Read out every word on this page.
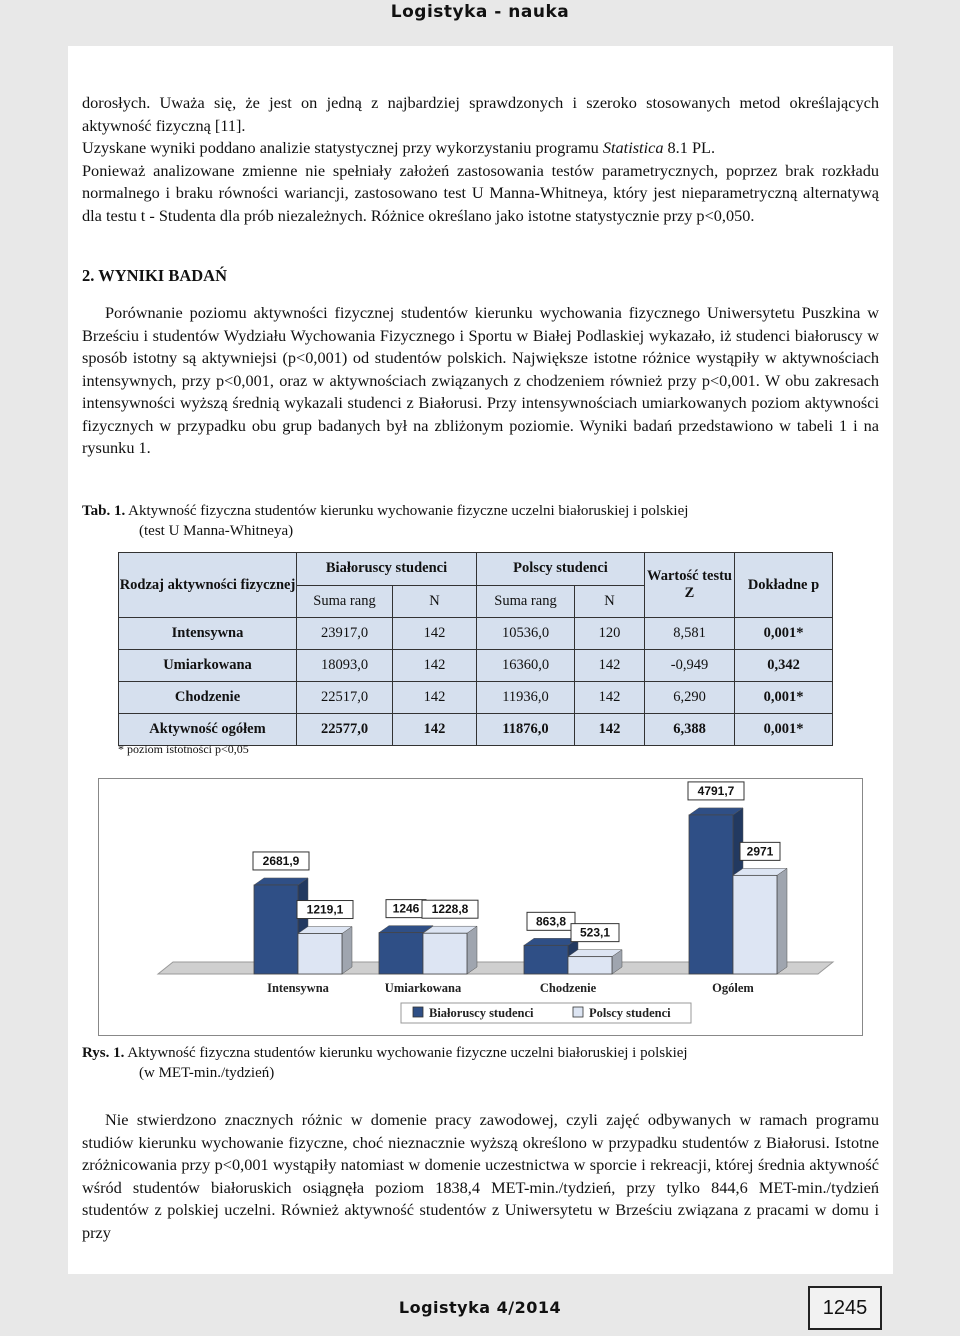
Logistyka - nauka

dorosłych. Uważa się, że jest on jedną z najbardziej sprawdzonych i szeroko stosowanych metod określających aktywność fizyczną [11].

Uzyskane wyniki poddano analizie statystycznej przy wykorzystaniu programu Statistica 8.1 PL.

Ponieważ analizowane zmienne nie spełniały założeń zastosowania testów parametrycznych, poprzez brak rozkładu normalnego i braku równości wariancji, zastosowano test U Manna-Whitneya, który jest nieparametryczną alternatywą dla testu t - Studenta dla prób niezależnych. Różnice określano jako istotne statystycznie przy p<0,050.

2. WYNIKI BADAŃ
Porównanie poziomu aktywności fizycznej studentów kierunku wychowania fizycznego Uniwersytetu Puszkina w Brześciu i studentów Wydziału Wychowania Fizycznego i Sportu w Białej Podlaskiej wykazało, iż studenci białoruscy w sposób istotny są aktywniejsi (p<0,001) od studentów polskich. Największe istotne różnice wystąpiły w aktywnościach intensywnych, przy p<0,001, oraz w aktywnościach związanych z chodzeniem również przy p<0,001. W obu zakresach intensywności wyższą średnią wykazali studenci z Białorusi. Przy intensywnościach umiarkowanych poziom aktywności fizycznych w przypadku obu grup badanych był na zbliżonym poziomie. Wyniki badań przedstawiono w tabeli 1 i na rysunku 1.
Tab. 1. Aktywność fizyczna studentów kierunku wychowanie fizyczne uczelni białoruskiej i polskiej
(test U Manna-Whitneya)
Rodzaj aktywności fizycznej	Białoruscy studenci		Polscy studenci		Wartość testu Z	Dokładne p
	Suma rang	N	Suma rang	N		
Intensywna	23917,0	142	10536,0	120	8,581	0,001*
Umiarkowana	18093,0	142	16360,0	142	-0,949	0,342
Chodzenie	22517,0	142	11936,0	142	6,290	0,001*
Aktywność ogółem	22577,0	142	11876,0	142	6,388	0,001*
* poziom istotności p<0,05
2681,9
1219,1
Intensywna
1246 1228,8
Umiarkowana
863,8
523,1
Chodzenie
4791,7
2971
Ogólem
Białoruscy studenci	Polscy studenci
Rys. 1. Aktywność fizyczna studentów kierunku wychowanie fizyczne uczelni białoruskiej i polskiej
(w MET-min./tydzień)
Nie stwierdzono znacznych różnic w domenie pracy zawodowej, czyli zajęć odbywanych w ramach programu studiów kierunku wychowanie fizyczne, choć nieznacznie wyższą określono w przypadku studentów z Białorusi. Istotne zróżnicowania przy p<0,001 wystąpiły natomiast w domenie uczestnictwa w sporcie i rekreacji, której średnia aktywność wśród studentów białoruskich osiągnęła poziom 1838,4 MET-min./tydzień, przy tylko 844,6 MET-min./tydzień studentów z polskiej uczelni. Również aktywność studentów z Uniwersytetu w Brześciu związana z pracami w domu i przy
Logistyka 4/2014	1245
